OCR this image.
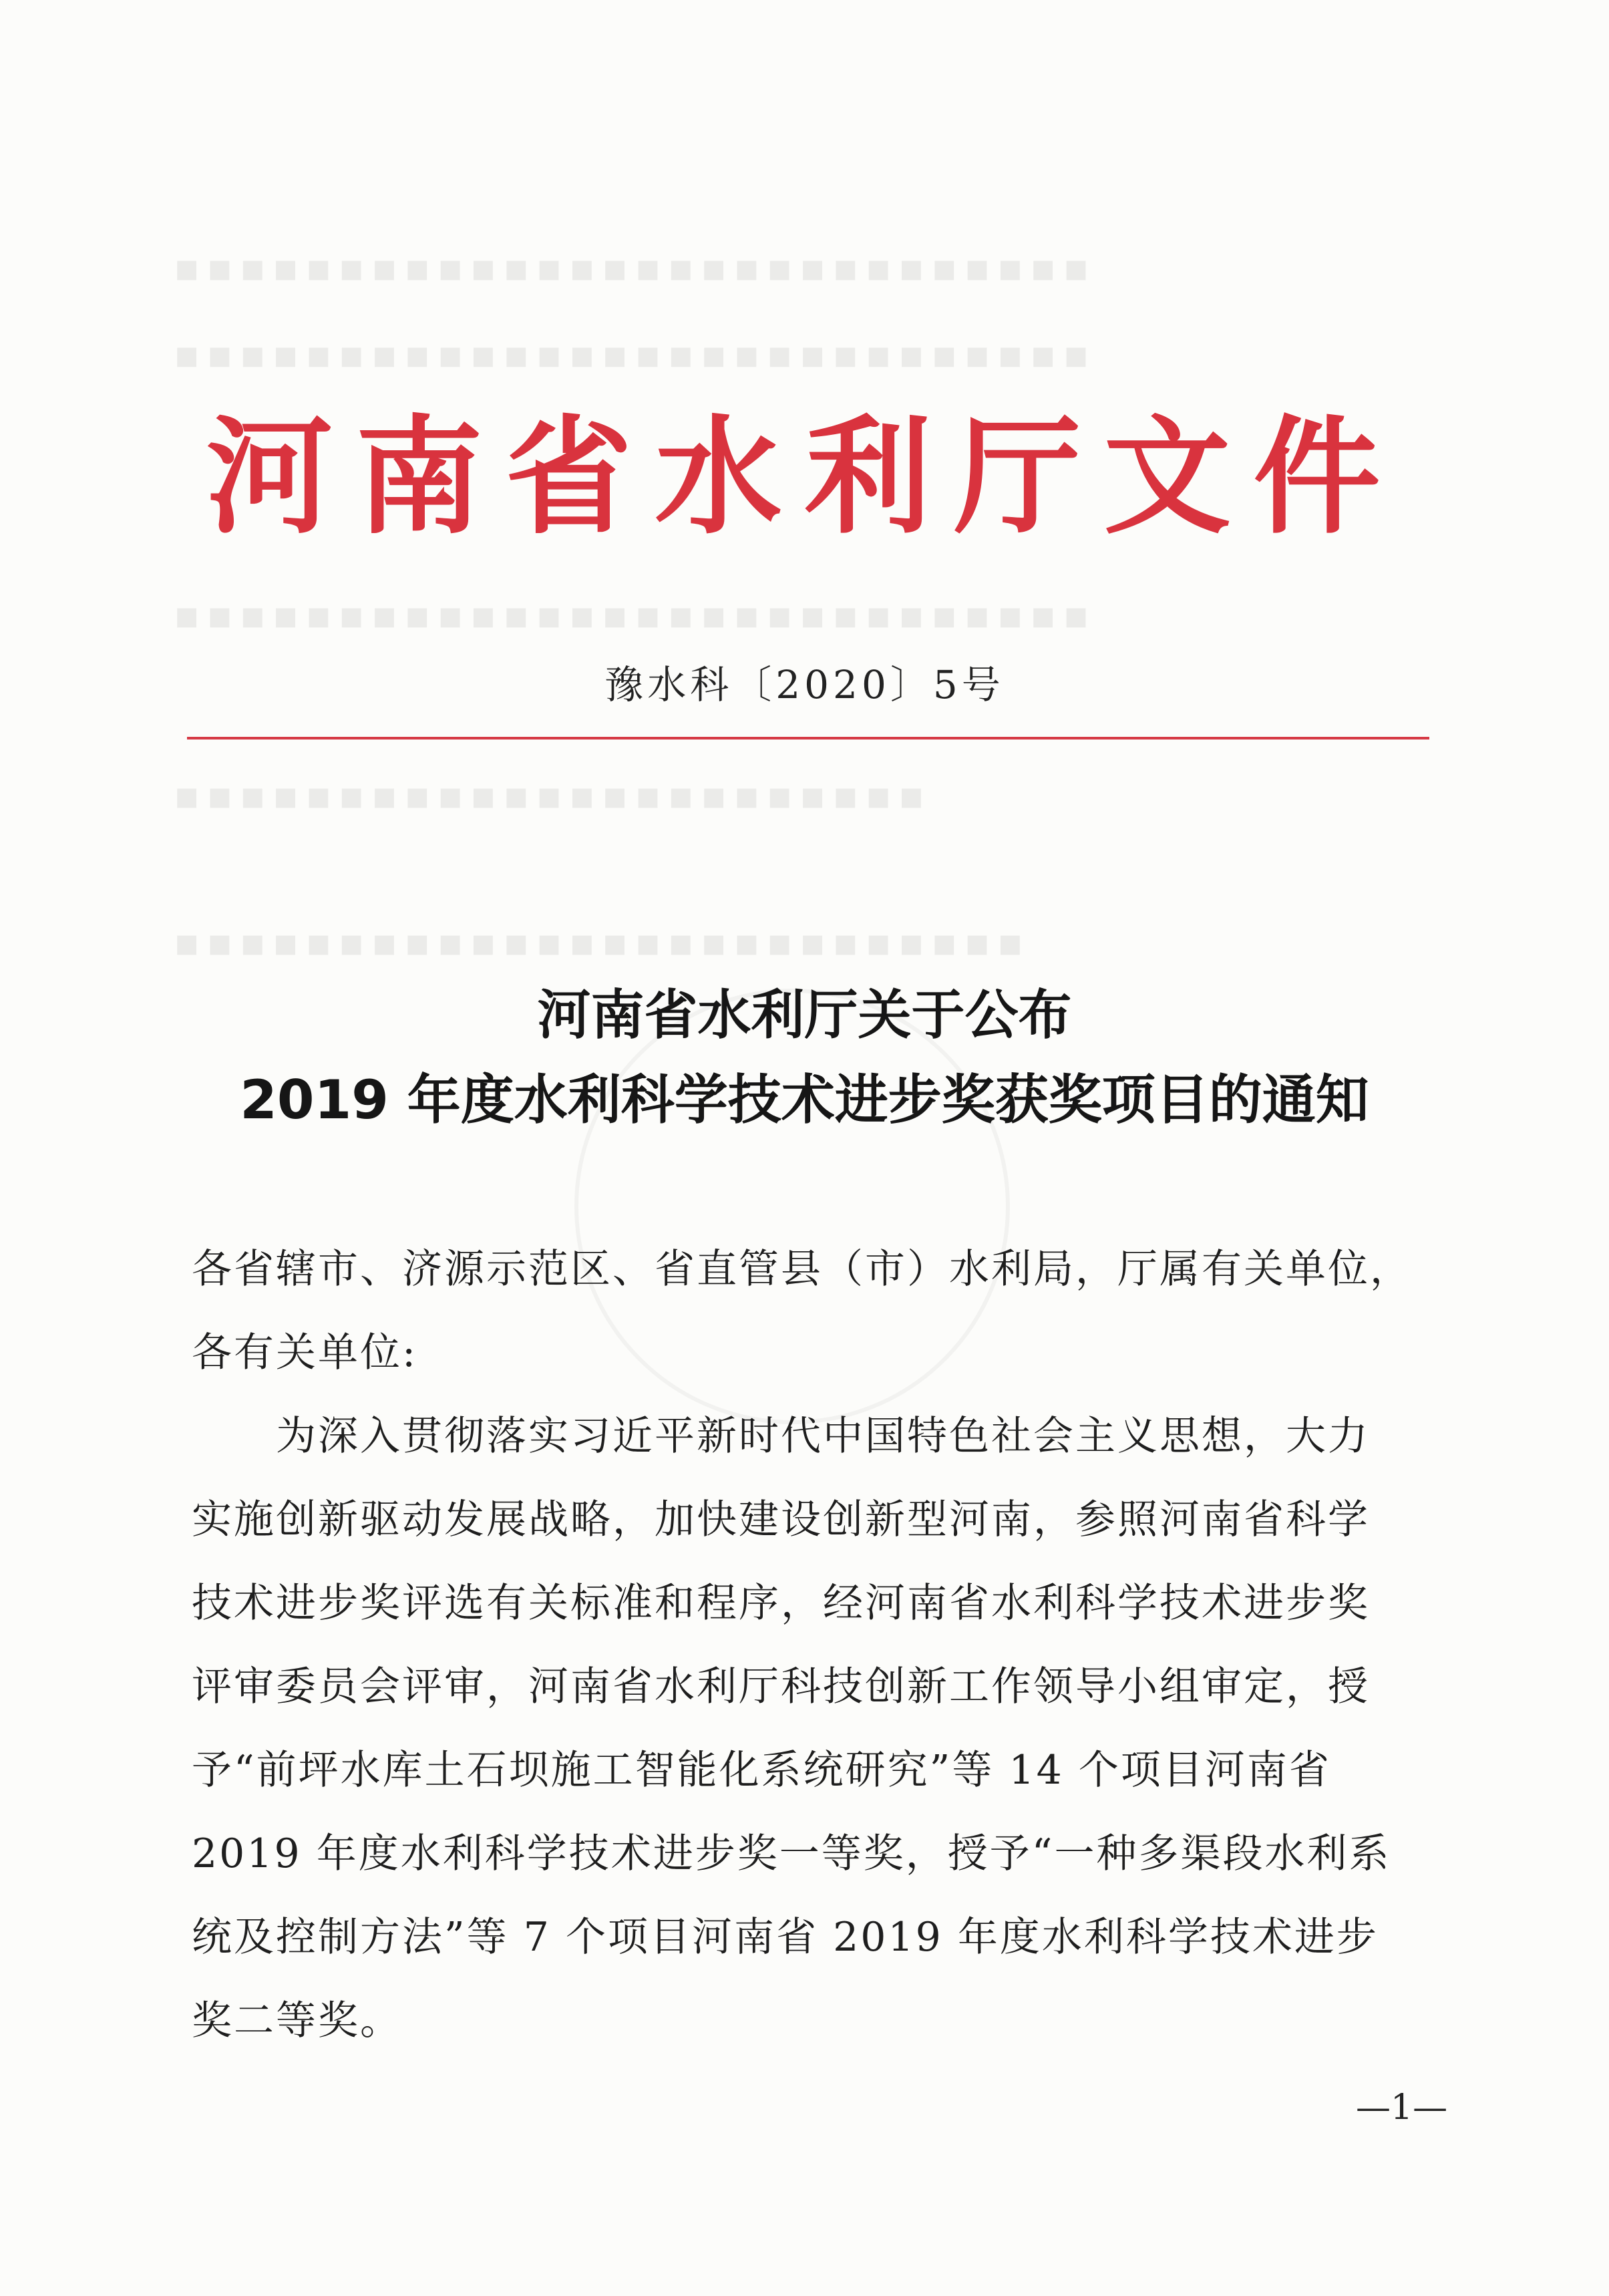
▪▪▪▪▪▪▪▪▪▪▪▪▪▪▪▪▪▪▪▪▪▪▪▪▪▪▪▪
▪▪▪▪▪▪▪▪▪▪▪▪▪▪▪▪▪▪▪▪▪▪▪▪▪▪▪▪
▪▪▪▪▪▪▪▪▪▪▪▪▪▪▪▪▪▪▪▪▪▪▪▪▪▪▪▪
▪▪▪▪▪▪▪▪▪▪▪▪▪▪▪▪▪▪▪▪▪▪▪
▪▪▪▪▪▪▪▪▪▪▪▪▪▪▪▪▪▪▪▪▪▪▪▪▪▪
河南省水利厅文件
豫水科〔2020〕5号
河南省水利厅关于公布
2019 年度水利科学技术进步奖获奖项目的通知
各省辖市、济源示范区、省直管县（市）水利局，厅属有关单位，
各有关单位:
　　为深入贯彻落实习近平新时代中国特色社会主义思想，大力
实施创新驱动发展战略，加快建设创新型河南，参照河南省科学
技术进步奖评选有关标准和程序，经河南省水利科学技术进步奖
评审委员会评审，河南省水利厅科技创新工作领导小组审定，授
予“前坪水库土石坝施工智能化系统研究”等 14 个项目河南省
2019 年度水利科学技术进步奖一等奖，授予“一种多渠段水利系
统及控制方法”等 7 个项目河南省 2019 年度水利科学技术进步
奖二等奖。
—1—
